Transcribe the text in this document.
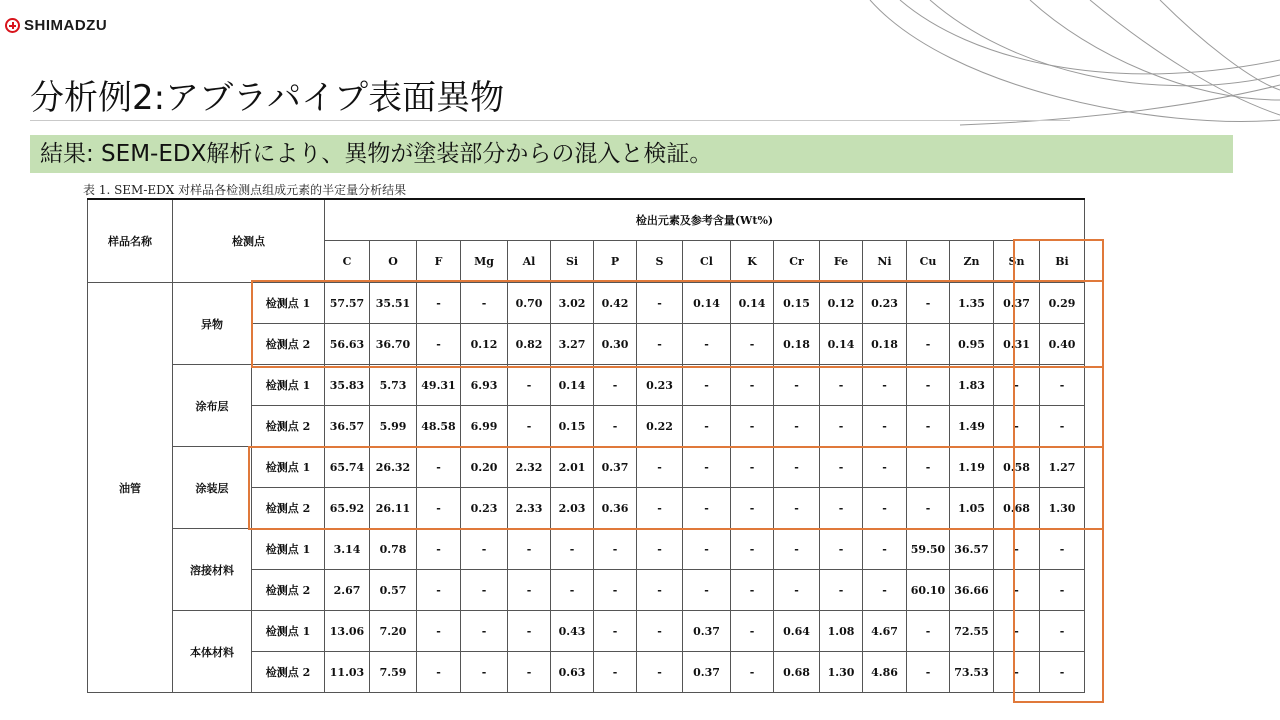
SHIMADZU
分析例2:アブラパイプ表面異物
結果: SEM-EDX解析により、異物が塗装部分からの混入と検証。
表 1. SEM-EDX 对样品各检测点组成元素的半定量分析结果
样品名称	检测点		检出元素及参考含量(Wt%)																
			C	O	F	Mg	Al	Si	P	S	Cl	K	Cr	Fe	Ni	Cu	Zn	Sn	Bi
油管	异物	检测点 1	57.57	35.51	-	-	0.70	3.02	0.42	-	0.14	0.14	0.15	0.12	0.23	-	1.35	0.37	0.29
		检测点 2	56.63	36.70	-	0.12	0.82	3.27	0.30	-	-	-	0.18	0.14	0.18	-	0.95	0.31	0.40
	涂布层	检测点 1	35.83	5.73	49.31	6.93	-	0.14	-	0.23	-	-	-	-	-	-	1.83	-	-
		检测点 2	36.57	5.99	48.58	6.99	-	0.15	-	0.22	-	-	-	-	-	-	1.49	-	-
	涂装层	检测点 1	65.74	26.32	-	0.20	2.32	2.01	0.37	-	-	-	-	-	-	-	1.19	0.58	1.27
		检测点 2	65.92	26.11	-	0.23	2.33	2.03	0.36	-	-	-	-	-	-	-	1.05	0.68	1.30
	溶接材料	检测点 1	3.14	0.78	-	-	-	-	-	-	-	-	-	-	-	59.50	36.57	-	-
		检测点 2	2.67	0.57	-	-	-	-	-	-	-	-	-	-	-	60.10	36.66	-	-
	本体材料	检测点 1	13.06	7.20	-	-	-	0.43	-	-	0.37	-	0.64	1.08	4.67	-	72.55	-	-
		检测点 2	11.03	7.59	-	-	-	0.63	-	-	0.37	-	0.68	1.30	4.86	-	73.53	-	-
